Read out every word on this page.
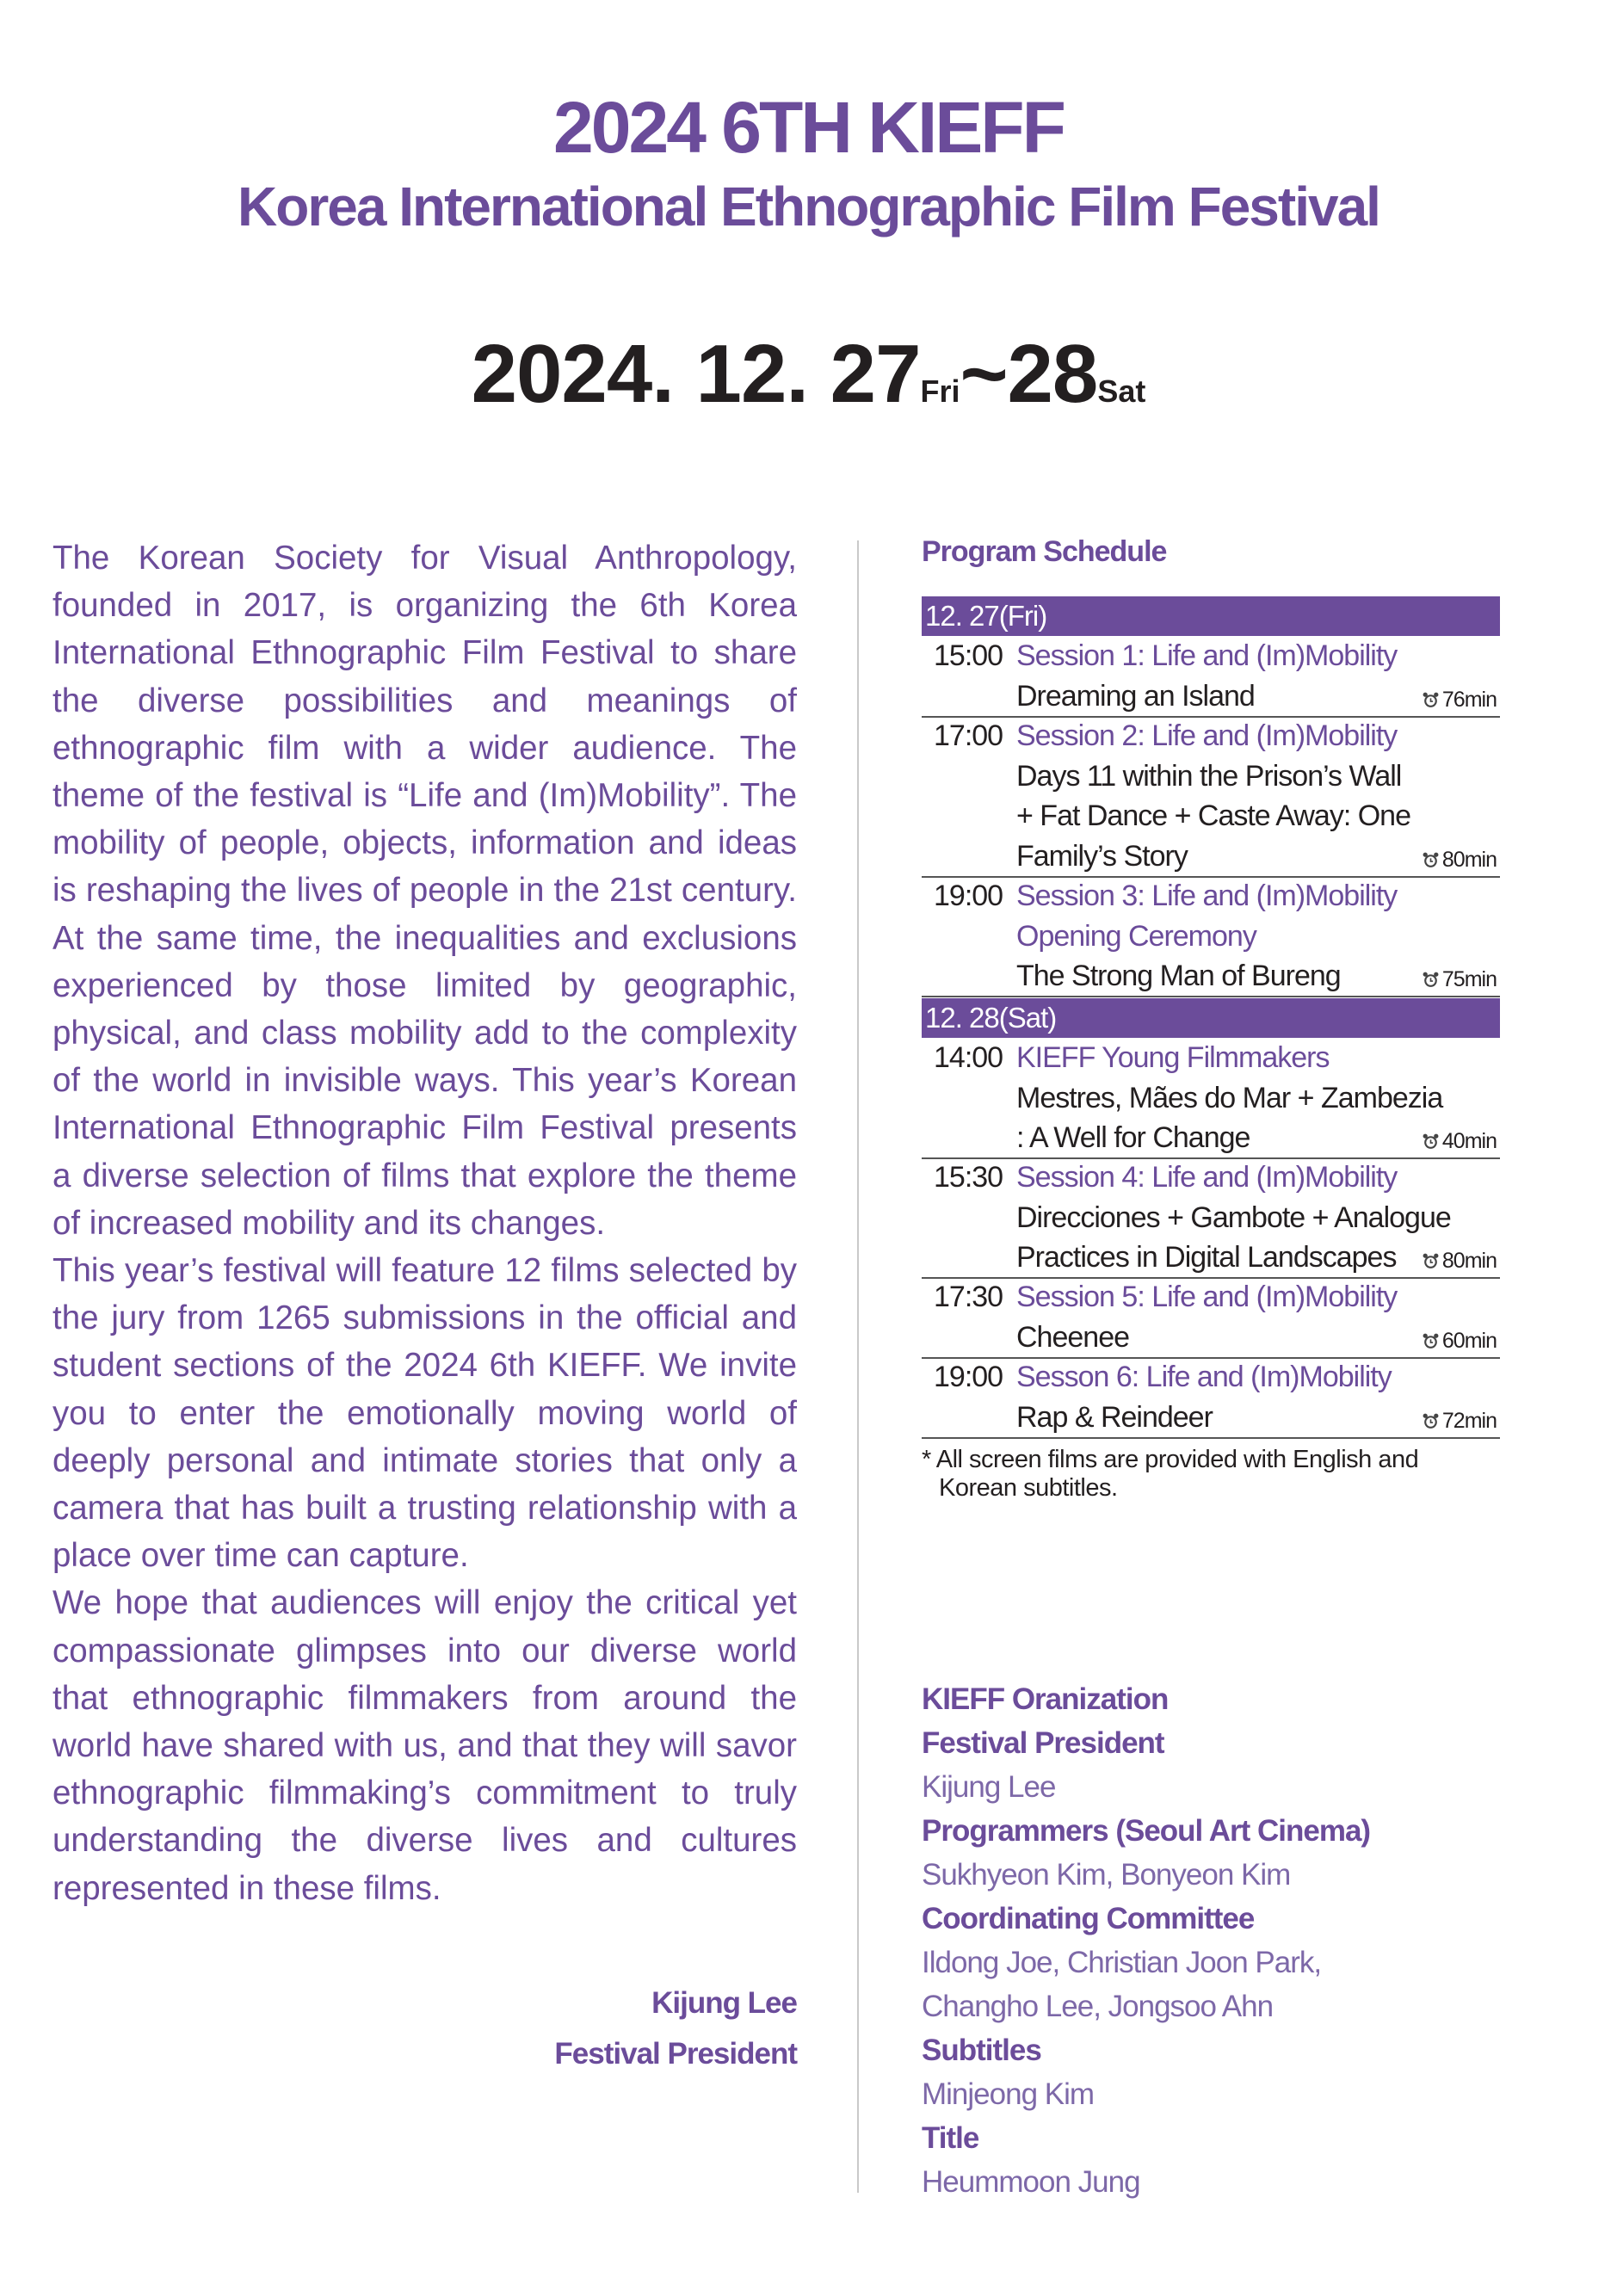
2024 6TH KIEFF
Korea International Ethnographic Film Festival
2024. 12. 27Fri~28Sat

The Korean Society for Visual Anthropology, founded in 2017, is organizing the 6th Korea International Ethnographic Film Festival to share the diverse possibilities and meanings of ethnographic film with a wider audience. The theme of the festival is “Life and (Im)Mobility”. The mobility of people, objects, information and ideas is reshaping the lives of people in the 21st century. At the same time, the inequalities and exclusions experienced by those limited by geographic, physical, and class mobility add to the complexity of the world in invisible ways. This year’s Korean International Ethnographic Film Festival presents a diverse selection of films that explore the theme of increased mobility and its changes.

This year’s festival will feature 12 films selected by the jury from 1265 submissions in the official and student sections of the 2024 6th KIEFF. We invite you to enter the emotionally moving world of deeply personal and intimate stories that only a camera that has built a trusting relationship with a place over time can capture.

We hope that audiences will enjoy the critical yet compassionate glimpses into our diverse world that ethnographic filmmakers from around the world have shared with us, and that they will savor ethnographic filmmaking’s commitment to truly understanding the diverse lives and cultures represented in these films.

Kijung Lee
Festival President
Program Schedule
12. 27(Fri)
15:00 Session 1: Life and (Im)Mobility
Dreaming an Island	76min
17:00 Session 2: Life and (Im)Mobility
Days 11 within the Prison’s Wall
+ Fat Dance + Caste Away: One
Family’s Story	80min
19:00 Session 3: Life and (Im)Mobility
Opening Ceremony
The Strong Man of Bureng	75min
12. 28(Sat)
14:00 KIEFF Young Filmmakers
Mestres, Mães do Mar + Zambezia
: A Well for Change	40min
15:30 Session 4: Life and (Im)Mobility
Direcciones + Gambote + Analogue
Practices in Digital Landscapes	80min
17:30 Session 5: Life and (Im)Mobility
Cheenee	60min
19:00 Sesson 6: Life and (Im)Mobility
Rap & Reindeer	72min
* All screen films are provided with English and
Korean subtitles.
KIEFF Oranization
Festival President
Kijung Lee
Programmers (Seoul Art Cinema)
Sukhyeon Kim, Bonyeon Kim
Coordinating Committee
Ildong Joe, Christian Joon Park,
Changho Lee, Jongsoo Ahn
Subtitles
Minjeong Kim
Title
Heummoon Jung
